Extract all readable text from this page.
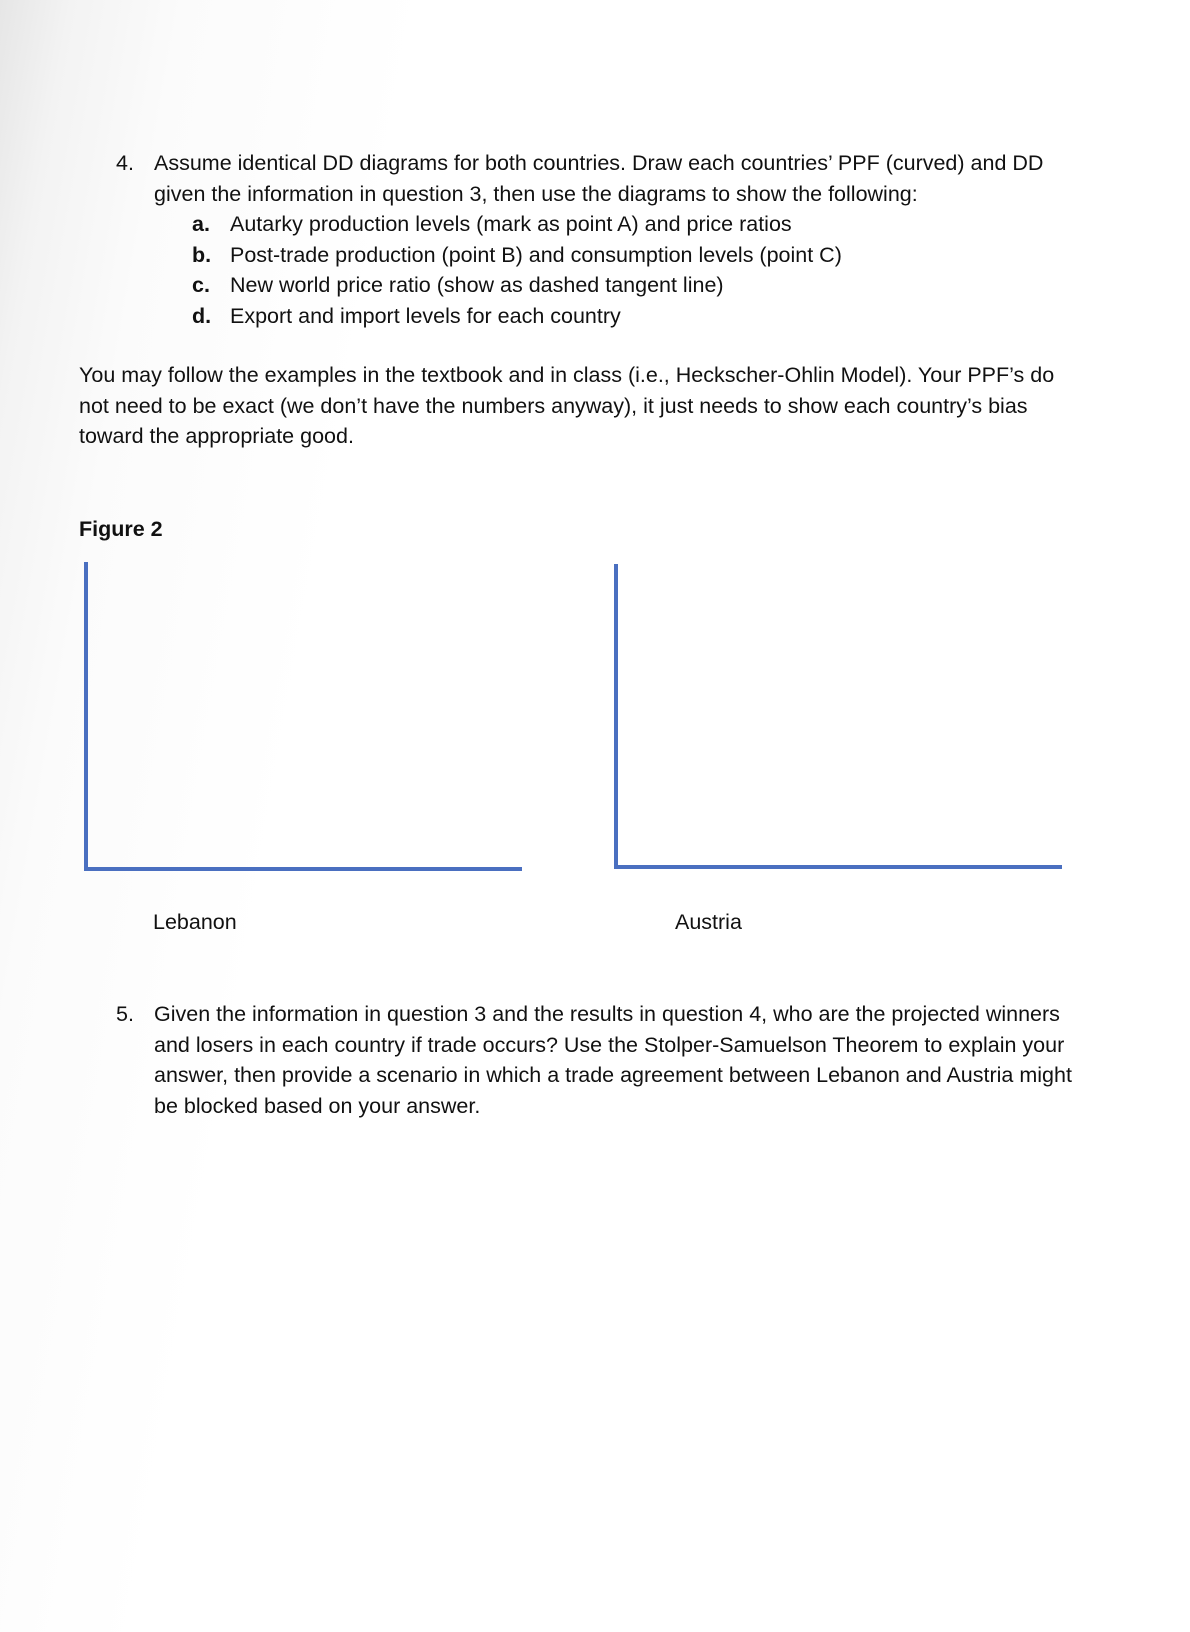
4. Assume identical DD diagrams for both countries. Draw each countries’ PPF (curved) and DD given the information in question 3, then use the diagrams to show the following:
a. Autarky production levels (mark as point A) and price ratios
b. Post-trade production (point B) and consumption levels (point C)
c. New world price ratio (show as dashed tangent line)
d. Export and import levels for each country
You may follow the examples in the textbook and in class (i.e., Heckscher-Ohlin Model). Your PPF’s do not need to be exact (we don’t have the numbers anyway), it just needs to show each country’s bias toward the appropriate good.
Figure 2
Lebanon	Austria
5. Given the information in question 3 and the results in question 4, who are the projected winners and losers in each country if trade occurs? Use the Stolper-Samuelson Theorem to explain your answer, then provide a scenario in which a trade agreement between Lebanon and Austria might be blocked based on your answer.
